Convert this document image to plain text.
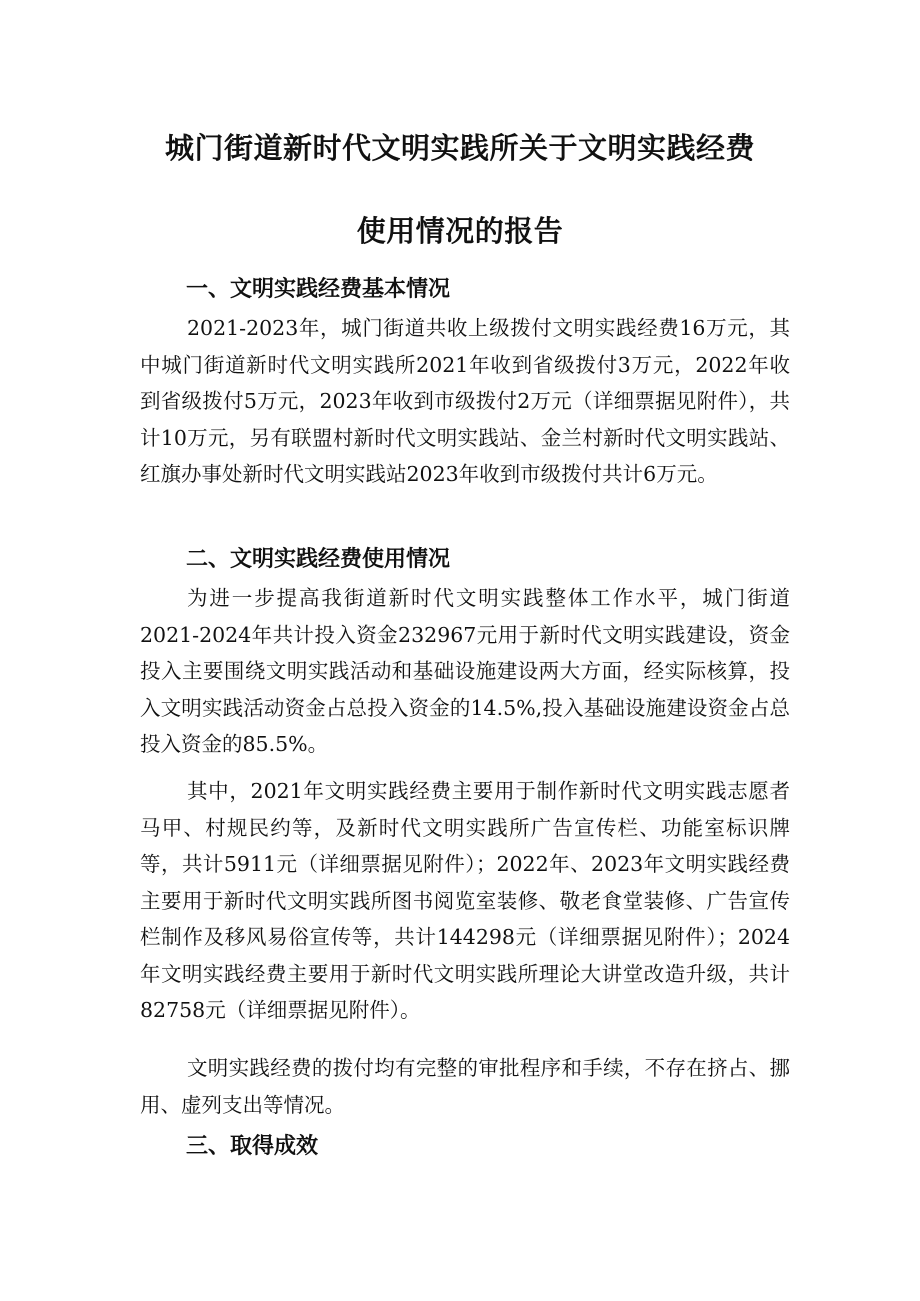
城门街道新时代文明实践所关于文明实践经费
使用情况的报告
一、文明实践经费基本情况

2021-2023年，城门街道共收上级拨付文明实践经费16万元，其中城门街道新时代文明实践所2021年收到省级拨付3万元，2022年收到省级拨付5万元，2023年收到市级拨付2万元（详细票据见附件），共计10万元，另有联盟村新时代文明实践站、金兰村新时代文明实践站、红旗办事处新时代文明实践站2023年收到市级拨付共计6万元。

二、文明实践经费使用情况

为进一步提高我街道新时代文明实践整体工作水平，城门街道2021-2024年共计投入资金232967元用于新时代文明实践建设，资金投入主要围绕文明实践活动和基础设施建设两大方面，经实际核算，投入文明实践活动资金占总投入资金的14.5%,投入基础设施建设资金占总投入资金的85.5%。

其中，2021年文明实践经费主要用于制作新时代文明实践志愿者马甲、村规民约等，及新时代文明实践所广告宣传栏、功能室标识牌等，共计5911元（详细票据见附件）；2022年、2023年文明实践经费主要用于新时代文明实践所图书阅览室装修、敬老食堂装修、广告宣传栏制作及移风易俗宣传等，共计144298元（详细票据见附件）；2024年文明实践经费主要用于新时代文明实践所理论大讲堂改造升级，共计82758元（详细票据见附件）。

文明实践经费的拨付均有完整的审批程序和手续，不存在挤占、挪用、虚列支出等情况。

三、取得成效
